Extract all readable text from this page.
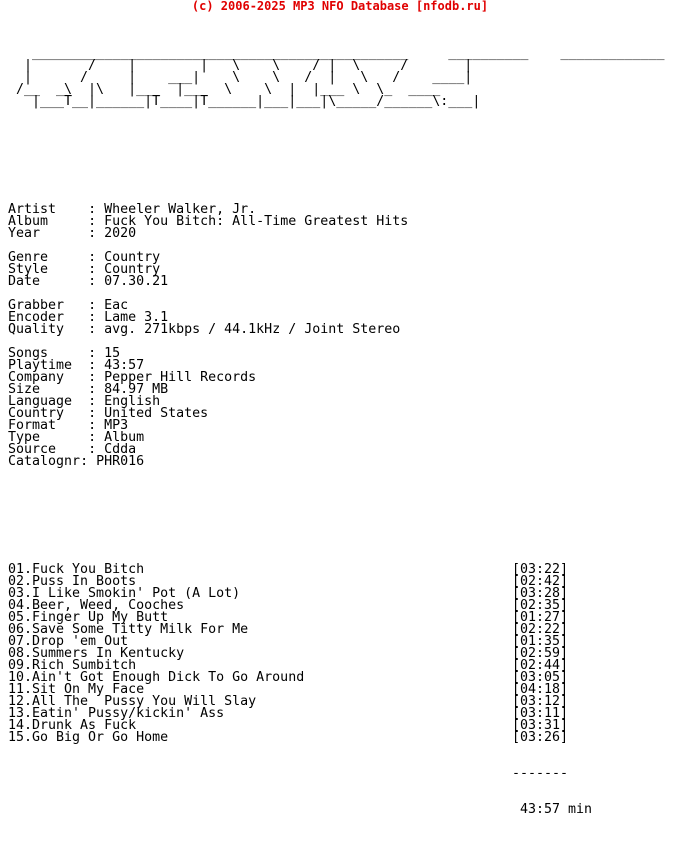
(c) 2006-2025 MP3 NFO Database [nfodb.ru]

_______________________________________________     __________    _____________
|       /    |        |   \    \    / |  \     /       |
|      /     |    ___|    \    \   /  |   \   /    ____|
/__  _\  |\   |___  |__   \    \  |  |___ \  \_  ____
|___T__|______|T____|T______|___|___|\_____/______\:___|

Artist    : Wheeler Walker, Jr.
Album     : Fuck You Bitch: All-Time Greatest Hits
Year      : 2020
Genre     : Country
Style     : Country
Date      : 07.30.21
Grabber   : Eac
Encoder   : Lame 3.1
Quality   : avg. 271kbps / 44.1kHz / Joint Stereo
Songs     : 15
Playtime  : 43:57
Company   : Pepper Hill Records
Size      : 84.97 MB
Language  : English
Country   : United States
Format    : MP3
Type      : Album
Source    : Cdda
Catalognr: PHR016

01.Fuck You Bitch	[03:22]
02.Puss In Boots	[02:42]
03.I Like Smokin' Pot (A Lot)	[03:28]
04.Beer, Weed, Cooches	[02:35]
05.Finger Up My Butt	[01:27]
06.Save Some Titty Milk For Me	[02:22]
07.Drop 'em Out	[01:35]
08.Summers In Kentucky	[02:59]
09.Rich Sumbitch	[02:44]
10.Ain't Got Enough Dick To Go Around	[03:05]
11.Sit On My Face	[04:18]
12.All The  Pussy You Will Slay	[03:12]
13.Eatin' Pussy/kickin' Ass	[03:11]
14.Drunk As Fuck	[03:31]
15.Go Big Or Go Home	[03:26]

-------

43:57 min
